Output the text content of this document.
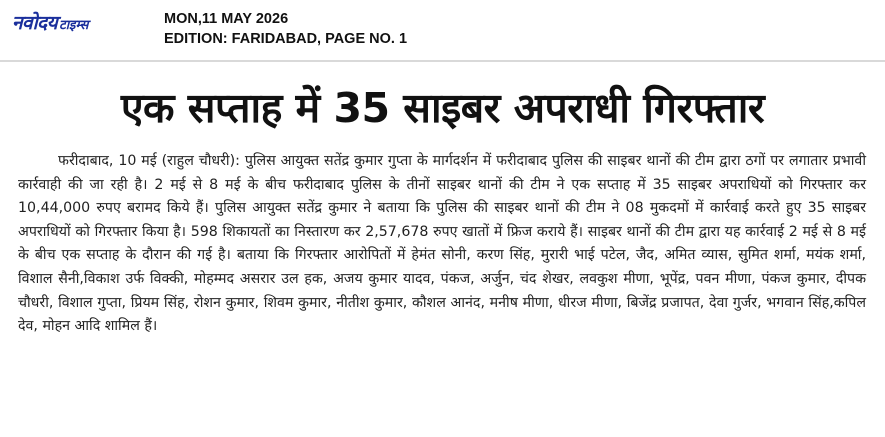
नवोदय टाइम्स	MON,11 MAY 2026
EDITION: FARIDABAD, PAGE NO. 1
एक सप्ताह में 35 साइबर अपराधी गिरफ्तार
फरीदाबाद, 10 मई (राहुल चौधरी): पुलिस आयुक्त सतेंद्र कुमार गुप्ता के मार्गदर्शन में फरीदाबाद पुलिस की साइबर थानों की टीम द्वारा ठगों पर लगातार प्रभावी कार्रवाही की जा रही है। 2 मई से 8 मई के बीच फरीदाबाद पुलिस के तीनों साइबर थानों की टीम ने एक सप्ताह में 35 साइबर अपराधियों को गिरफ्तार कर 10,44,000 रुपए बरामद किये हैं। पुलिस आयुक्त सतेंद्र कुमार ने बताया कि पुलिस की साइबर थानों की टीम ने 08 मुकदमों में कार्रवाई करते हुए 35 साइबर अपराधियों को गिरफ्तार किया है। 598 शिकायतों का निस्तारण कर 2,57,678 रुपए खातों में फ्रिज कराये हैं। साइबर थानों की टीम द्वारा यह कार्रवाई 2 मई से 8 मई के बीच एक सप्ताह के दौरान की गई है। बताया कि गिरफ्तार आरोपितों में हेमंत सोनी, करण सिंह, मुरारी भाई पटेल, जैद, अमित व्यास, सुमित शर्मा, मयंक शर्मा, विशाल सैनी,विकाश उर्फ विक्की, मोहम्मद असरार उल हक, अजय कुमार यादव, पंकज, अर्जुन, चंद शेखर, लवकुश मीणा, भूपेंद्र, पवन मीणा, पंकज कुमार, दीपक चौधरी, विशाल गुप्ता, प्रियम सिंह, रोशन कुमार, शिवम कुमार, नीतीश कुमार, कौशल आनंद, मनीष मीणा, धीरज मीणा, बिजेंद्र प्रजापत, देवा गुर्जर, भगवान सिंह,कपिल देव, मोहन आदि शामिल हैं।
